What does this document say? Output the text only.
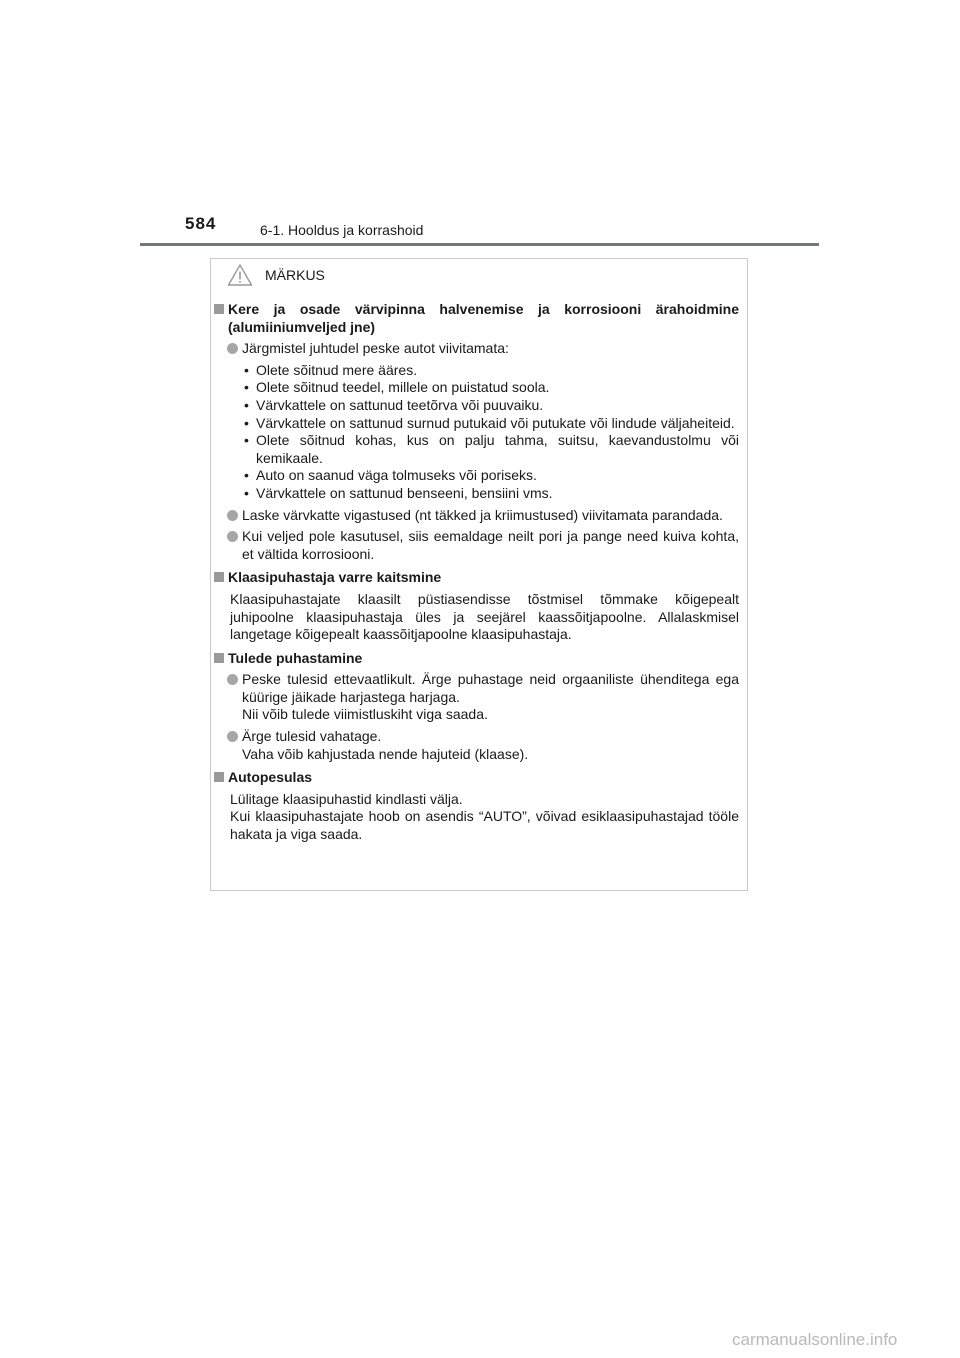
584	6-1. Hooldus ja korrashoid
MÄRKUS
Kere ja osade värvipinna halvenemise ja korrosiooni ärahoidmine (alumiiniumveljed jne)
Järgmistel juhtudel peske autot viivitamata:
• Olete sõitnud mere ääres.
• Olete sõitnud teedel, millele on puistatud soola.
• Värvkattele on sattunud teetõrva või puuvaiku.
• Värvkattele on sattunud surnud putukaid või putukate või lindude väljaheiteid.
• Olete sõitnud kohas, kus on palju tahma, suitsu, kaevandustolmu või kemikaale.
• Auto on saanud väga tolmuseks või poriseks.
• Värvkattele on sattunud benseeni, bensiini vms.
Laske värvkatte vigastused (nt täkked ja kriimustused) viivitamata parandada.
Kui veljed pole kasutusel, siis eemaldage neilt pori ja pange need kuiva kohta, et vältida korrosiooni.
Klaasipuhastaja varre kaitsmine
Klaasipuhastajate klaasilt püstiasendisse tõstmisel tõmmake kõigepealt juhipoolne klaasipuhastaja üles ja seejärel kaassõitjapoolne. Allalaskmisel langetage kõigepealt kaassõitjapoolne klaasipuhastaja.
Tulede puhastamine
Peske tulesid ettevaatlikult. Ärge puhastage neid orgaaniliste ühenditega ega küürige jäikade harjastega harjaga.
Nii võib tulede viimistluskiht viga saada.
Ärge tulesid vahatage.
Vaha võib kahjustada nende hajuteid (klaase).
Autopesulas
Lülitage klaasipuhastid kindlasti välja.
Kui klaasipuhastajate hoob on asendis “AUTO”, võivad esiklaasipuhastajad tööle hakata ja viga saada.
carmanualsonline.info
